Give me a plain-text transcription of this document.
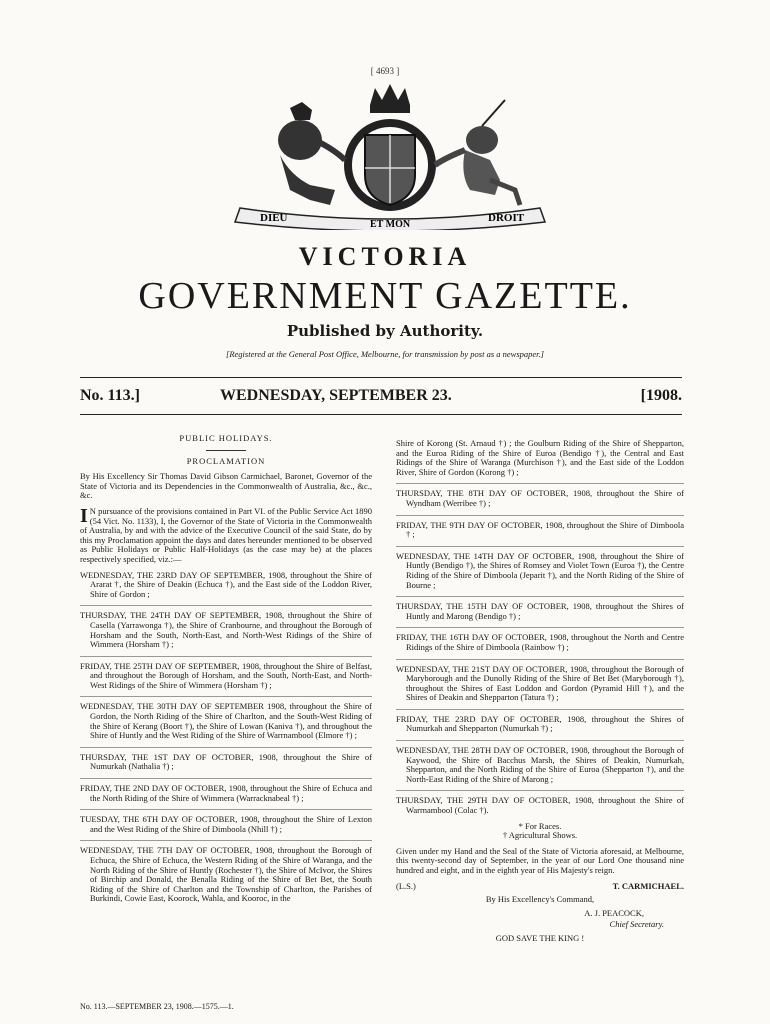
[ 4693 ]
DIEU
ET MON
DROIT
VICTORIA
GOVERNMENT GAZETTE.
Published by Authority.
[Registered at the General Post Office, Melbourne, for transmission by post as a newspaper.]
No. 113.]	WEDNESDAY, SEPTEMBER 23.	[1908.
PUBLIC HOLIDAYS.
PROCLAMATION

By His Excellency Sir Thomas David Gibson Carmichael, Baronet, Governor of the State of Victoria and its Dependencies in the Commonwealth of Australia, &c., &c., &c.

I N pursuance of the provisions contained in Part VI. of the Public Service Act 1890 (54 Vict. No. 1133), I, the Governor of the State of Victoria in the Commonwealth of Australia, by and with the advice of the Executive Council of the said State, do by this my Proclamation appoint the days and dates hereunder mentioned to be observed as Public Holidays or Public Half-Holidays (as the case may be) at the places respectively specified, viz.:—

WEDNESDAY, THE 23RD DAY OF SEPTEMBER, 1908, throughout the Shire of Ararat †, the Shire of Deakin (Echuca †), and the East side of the Loddon River, Shire of Gordon ;

THURSDAY, THE 24TH DAY OF SEPTEMBER, 1908, throughout the Shire of Casella (Yarrawonga †), the Shire of Cranbourne, and throughout the Borough of Horsham and the South, North-East, and North-West Ridings of the Shire of Wimmera (Horsham †) ;

FRIDAY, THE 25TH DAY OF SEPTEMBER, 1908, throughout the Shire of Belfast, and throughout the Borough of Horsham, and the South, North-East, and North-West Ridings of the Shire of Wimmera (Horsham †) ;

WEDNESDAY, THE 30TH DAY OF SEPTEMBER 1908, throughout the Shire of Gordon, the North Riding of the Shire of Charlton, and the South-West Riding of the Shire of Kerang (Boort †), the Shire of Lowan (Kaniva †), and throughout the Shire of Huntly and the West Riding of the Shire of Warrnambool (Elmore †) ;

THURSDAY, THE 1ST DAY OF OCTOBER, 1908, throughout the Shire of Numurkah (Nathalia †) ;

FRIDAY, THE 2ND DAY OF OCTOBER, 1908, throughout the Shire of Echuca and the North Riding of the Shire of Wimmera (Warracknabeal †) ;

TUESDAY, THE 6TH DAY OF OCTOBER, 1908, throughout the Shire of Lexton and the West Riding of the Shire of Dimboola (Nhill †) ;

WEDNESDAY, THE 7TH DAY OF OCTOBER, 1908, throughout the Borough of Echuca, the Shire of Echuca, the Western Riding of the Shire of Waranga, and the North Riding of the Shire of Huntly (Rochester †), the Shire of McIvor, the Shires of Birchip and Donald, the Benalla Riding of the Shire of Bet Bet, the South Riding of the Shire of Charlton and the Township of Charlton, the Parishes of Burkindi, Cowie East, Koorock, Wahla, and Kooroc, in the

Shire of Korong (St. Arnaud †) ; the Goulburn Riding of the Shire of Shepparton, and the Euroa Riding of the Shire of Euroa (Bendigo †), the Central and East Ridings of the Shire of Waranga (Murchison †), and the East side of the Loddon River, Shire of Gordon (Korong †) ;

THURSDAY, THE 8TH DAY OF OCTOBER, 1908, throughout the Shire of Wyndham (Werribee †) ;

FRIDAY, THE 9TH DAY OF OCTOBER, 1908, throughout the Shire of Dimboola † ;

WEDNESDAY, THE 14TH DAY OF OCTOBER, 1908, throughout the Shire of Huntly (Bendigo †), the Shires of Romsey and Violet Town (Euroa †), the Centre Riding of the Shire of Dimboola (Jeparit †), and the North Riding of the Shire of Bourne ;

THURSDAY, THE 15TH DAY OF OCTOBER, 1908, throughout the Shires of Huntly and Marong (Bendigo †) ;

FRIDAY, THE 16TH DAY OF OCTOBER, 1908, throughout the North and Centre Ridings of the Shire of Dimboola (Rainbow †) ;

WEDNESDAY, THE 21ST DAY OF OCTOBER, 1908, throughout the Borough of Maryborough and the Dunolly Riding of the Shire of Bet Bet (Maryborough †), throughout the Shires of East Loddon and Gordon (Pyramid Hill †), and the Shires of Deakin and Shepparton (Tatura †) ;

FRIDAY, THE 23RD DAY OF OCTOBER, 1908, throughout the Shires of Numurkah and Shepparton (Numurkah †) ;

WEDNESDAY, THE 28TH DAY OF OCTOBER, 1908, throughout the Borough of Kaywood, the Shire of Bacchus Marsh, the Shires of Deakin, Numurkah, Shepparton, and the North Riding of the Shire of Euroa (Shepparton †), and the North-East Riding of the Shire of Marong ;

THURSDAY, THE 29TH DAY OF OCTOBER, 1908, throughout the Shire of Warrnambool (Colac †).

* For Races.

† Agricultural Shows.

Given under my Hand and the Seal of the State of Victoria aforesaid, at Melbourne, this twenty-second day of September, in the year of our Lord One thousand nine hundred and eight, and in the eighth year of His Majesty's reign.

(L.S.)	T. CARMICHAEL.

By His Excellency's Command,

A. J. PEACOCK,

Chief Secretary.

GOD SAVE THE KING !

No. 113.—SEPTEMBER 23, 1908.—1575.—1.
